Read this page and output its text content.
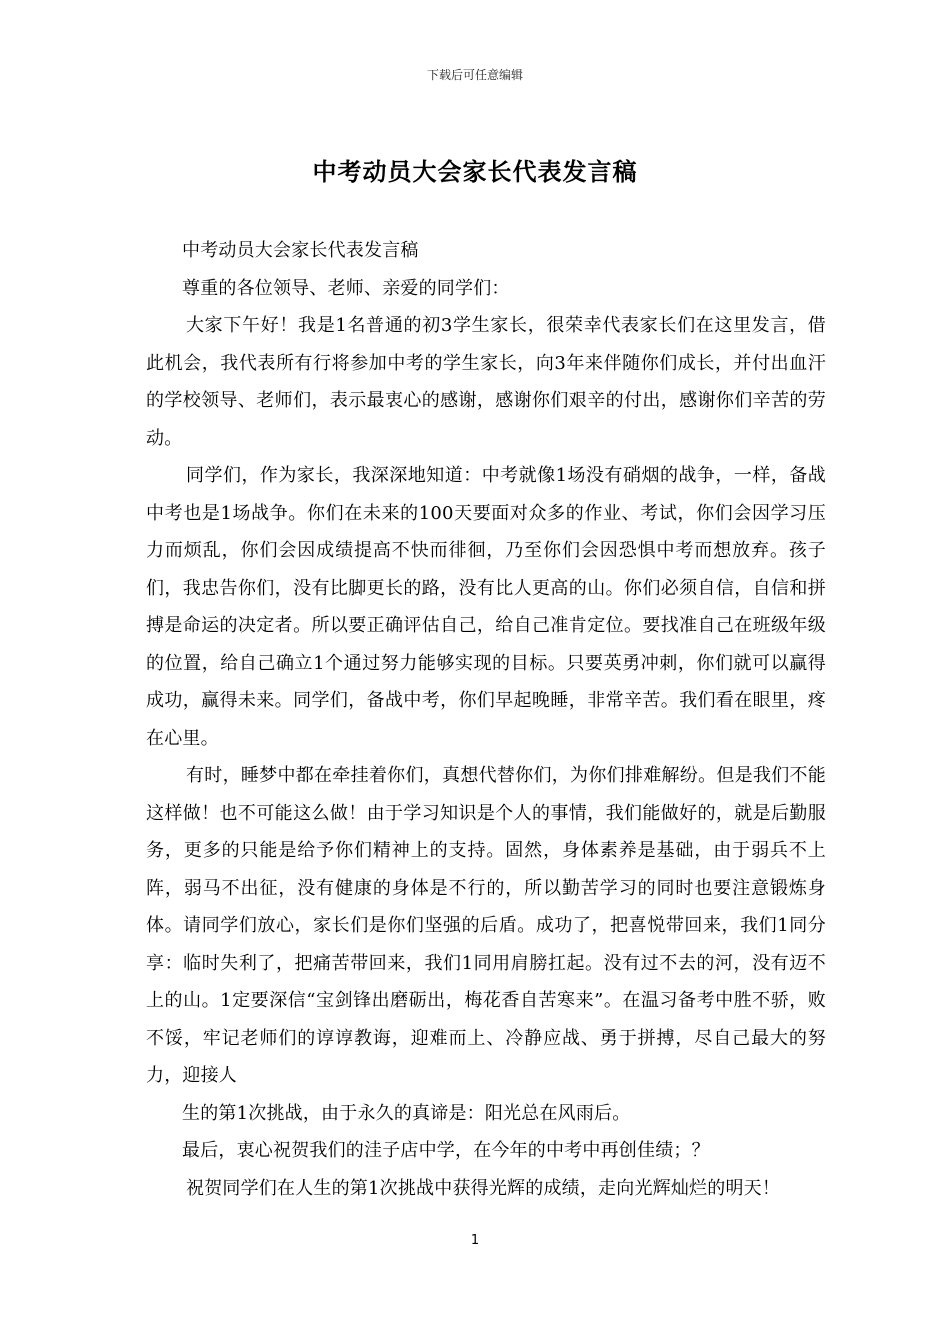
下载后可任意编辑
中考动员大会家长代表发言稿

中考动员大会家长代表发言稿

尊重的各位领导、老师、亲爱的同学们：

大家下午好！我是1名普通的初3学生家长，很荣幸代表家长们在这里发言，借此机会，我代表所有行将参加中考的学生家长，向3年来伴随你们成长，并付出血汗的学校领导、老师们，表示最衷心的感谢，感谢你们艰辛的付出，感谢你们辛苦的劳动。

同学们，作为家长，我深深地知道：中考就像1场没有硝烟的战争，一样，备战中考也是1场战争。你们在未来的100天要面对众多的作业、考试，你们会因学习压力而烦乱，你们会因成绩提高不快而徘徊，乃至你们会因恐惧中考而想放弃。孩子们，我忠告你们，没有比脚更长的路，没有比人更高的山。你们必须自信，自信和拼搏是命运的决定者。所以要正确评估自己，给自己准肯定位。要找准自己在班级年级的位置，给自己确立1个通过努力能够实现的目标。只要英勇冲刺，你们就可以赢得成功，赢得未来。同学们，备战中考，你们早起晚睡，非常辛苦。我们看在眼里，疼在心里。

有时，睡梦中都在牵挂着你们，真想代替你们，为你们排难解纷。但是我们不能这样做！也不可能这么做！由于学习知识是个人的事情，我们能做好的，就是后勤服务，更多的只能是给予你们精神上的支持。固然，身体素养是基础，由于弱兵不上阵，弱马不出征，没有健康的身体是不行的，所以勤苦学习的同时也要注意锻炼身体。请同学们放心，家长们是你们坚强的后盾。成功了，把喜悦带回来，我们1同分享：临时失利了，把痛苦带回来，我们1同用肩膀扛起。没有过不去的河，没有迈不上的山。1定要深信“宝剑锋出磨砺出，梅花香自苦寒来”。在温习备考中胜不骄，败不馁，牢记老师们的谆谆教诲，迎难而上、冷静应战、勇于拼搏，尽自己最大的努力，迎接人

生的第1次挑战，由于永久的真谛是：阳光总在风雨后。

最后，衷心祝贺我们的洼子店中学，在今年的中考中再创佳绩；？

祝贺同学们在人生的第1次挑战中获得光辉的成绩，走向光辉灿烂的明天！

1
